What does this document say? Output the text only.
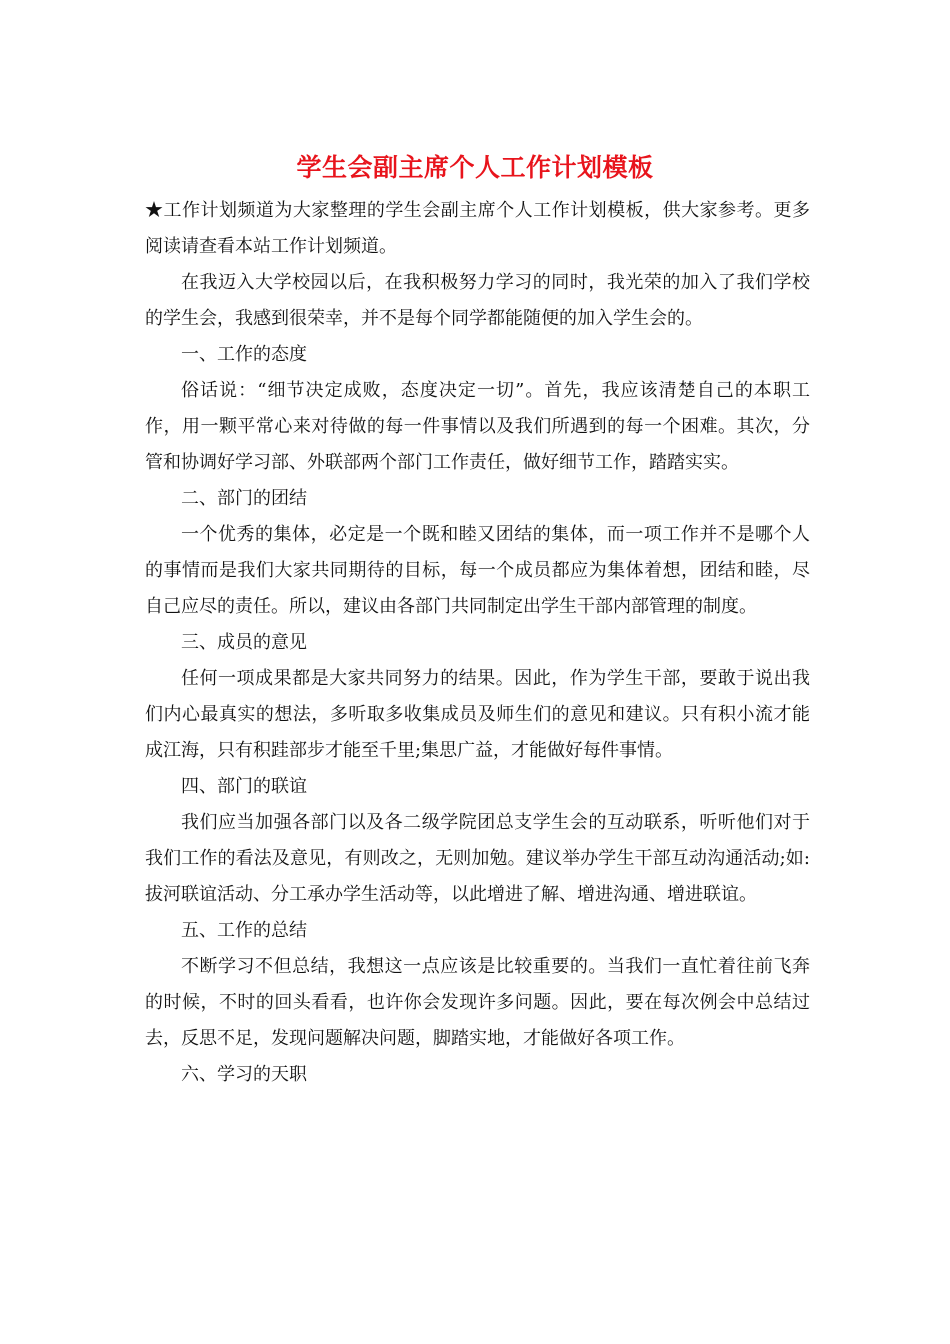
学生会副主席个人工作计划模板

★工作计划频道为大家整理的学生会副主席个人工作计划模板，供大家参考。更多阅读请查看本站工作计划频道。

在我迈入大学校园以后，在我积极努力学习的同时，我光荣的加入了我们学校的学生会，我感到很荣幸，并不是每个同学都能随便的加入学生会的。

一、工作的态度

俗话说：“细节决定成败，态度决定一切”。首先，我应该清楚自己的本职工作，用一颗平常心来对待做的每一件事情以及我们所遇到的每一个困难。其次，分管和协调好学习部、外联部两个部门工作责任，做好细节工作，踏踏实实。

二、部门的团结

一个优秀的集体，必定是一个既和睦又团结的集体，而一项工作并不是哪个人的事情而是我们大家共同期待的目标，每一个成员都应为集体着想，团结和睦，尽自己应尽的责任。所以，建议由各部门共同制定出学生干部内部管理的制度。

三、成员的意见

任何一项成果都是大家共同努力的结果。因此，作为学生干部，要敢于说出我们内心最真实的想法，多听取多收集成员及师生们的意见和建议。只有积小流才能成江海，只有积跬部步才能至千里;集思广益，才能做好每件事情。

四、部门的联谊

我们应当加强各部门以及各二级学院团总支学生会的互动联系，听听他们对于我们工作的看法及意见，有则改之，无则加勉。建议举办学生干部互动沟通活动;如:拔河联谊活动、分工承办学生活动等，以此增进了解、增进沟通、增进联谊。

五、工作的总结

不断学习不但总结，我想这一点应该是比较重要的。当我们一直忙着往前飞奔的时候，不时的回头看看，也许你会发现许多问题。因此，要在每次例会中总结过去，反思不足，发现问题解决问题，脚踏实地，才能做好各项工作。

六、学习的天职
